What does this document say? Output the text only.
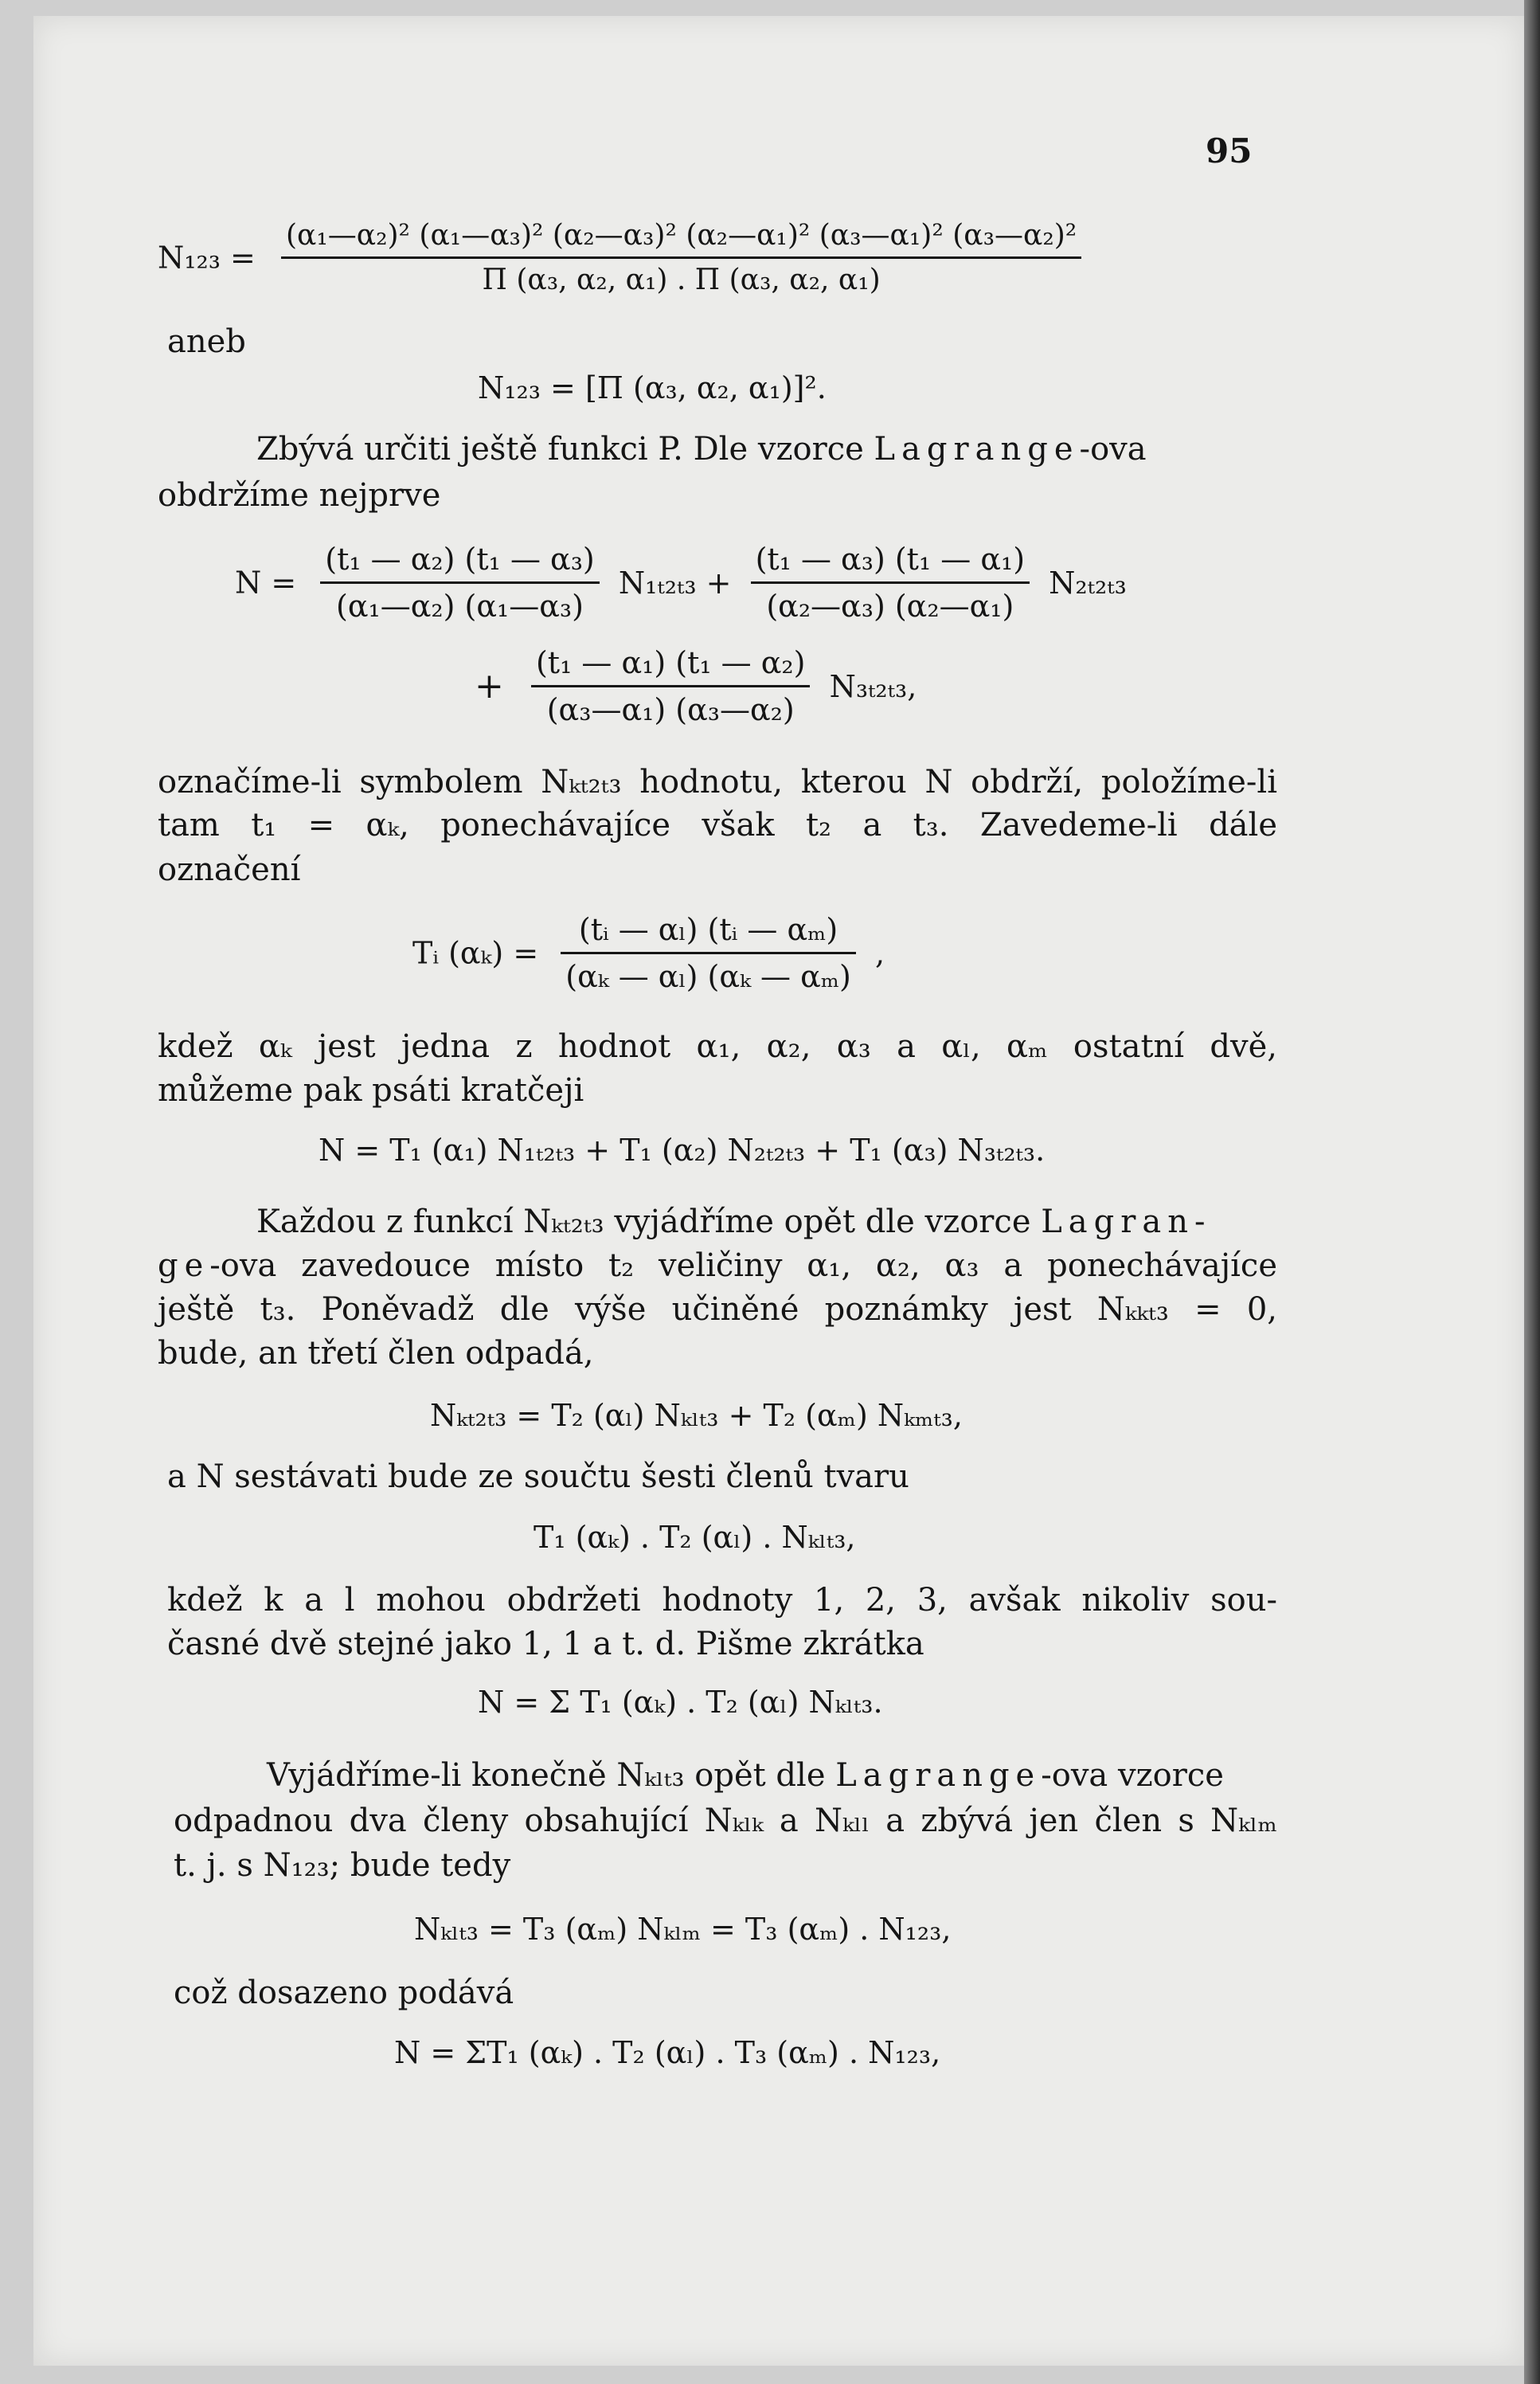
95
$N_{123} = \frac{\text{(α₁—α₂)² (α₁—α₃)² (α₂—α₃)² (α₂—α₁)² (α₃—α₁)² (α₃—α₂)²}}{\text{Π (α₃, α₂, α₁) . Π (α₃, α₂, α₁)}}$
aneb
N₁₂₃ = [Π (α₃, α₂, α₁)]².
Zbývá určiti ještě funkci P. Dle vzorce Lagrange-ova
obdržíme nejprve
$N = \frac{\text{(t₁ — α₂) (t₁ — α₃)}}{\text{(α₁—α₂) (α₁—α₃)}} N_{1t2t3} + \frac{\text{(t₁ — α₃) (t₁ — α₁)}}{\text{(α₂—α₃) (α₂—α₁)}} N_{2t2t3}$
+ $\frac{\text{(t₁ — α₁) (t₁ — α₂)}}{\text{(α₃—α₁) (α₃—α₂)}} N_{3t2t3}$,
označíme-li symbolem Nₖₜ₂ₜ₃ hodnotu, kterou N obdrží, položíme-li
tam t₁ = αₖ, ponechávajíce však t₂ a t₃. Zavedeme-li dále
označení
Tᵢ $(\alpha_k) = \frac{\text{(tᵢ — αₗ) (tᵢ — αₘ)}}{\text{(αₖ — αₗ) (αₖ — αₘ)}}$ ,
kdež αₖ jest jedna z hodnot α₁, α₂, α₃ a αₗ, αₘ ostatní dvě,
můžeme pak psáti kratčeji
N = T₁ (α₁) N₁ₜ₂ₜ₃ + T₁ (α₂) N₂ₜ₂ₜ₃ + T₁ (α₃) N₃ₜ₂ₜ₃.
Každou z funkcí Nₖₜ₂ₜ₃ vyjádříme opět dle vzorce Lagran-
ge-ova zavedouce místo t₂ veličiny α₁, α₂, α₃ a ponechávajíce
ještě t₃. Poněvadž dle výše učiněné poznámky jest Nₖₖₜ₃ = 0,
bude, an třetí člen odpadá,
Nₖₜ₂ₜ₃ = T₂ (αₗ) Nₖₗₜ₃ + T₂ (αₘ) Nₖₘₜ₃,
a N sestávati bude ze součtu šesti členů tvaru
T₁ (αₖ) . T₂ (αₗ) . Nₖₗₜ₃,
kdež k a l mohou obdržeti hodnoty 1, 2, 3, avšak nikoliv sou-
časné dvě stejné jako 1, 1 a t. d. Pišme zkrátka
N = Σ T₁ (αₖ) . T₂ (αₗ) Nₖₗₜ₃.
Vyjádříme-li konečně Nₖₗₜ₃ opět dle Lagrange-ova vzorce
odpadnou dva členy obsahující Nₖₗₖ a Nₖₗₗ a zbývá jen člen s Nₖₗₘ
t. j. s N₁₂₃; bude tedy
Nₖₗₜ₃ = T₃ (αₘ) Nₖₗₘ = T₃ (αₘ) . N₁₂₃,
což dosazeno podává
N = ΣT₁ (αₖ) . T₂ (αₗ) . T₃ (αₘ) . N₁₂₃,
